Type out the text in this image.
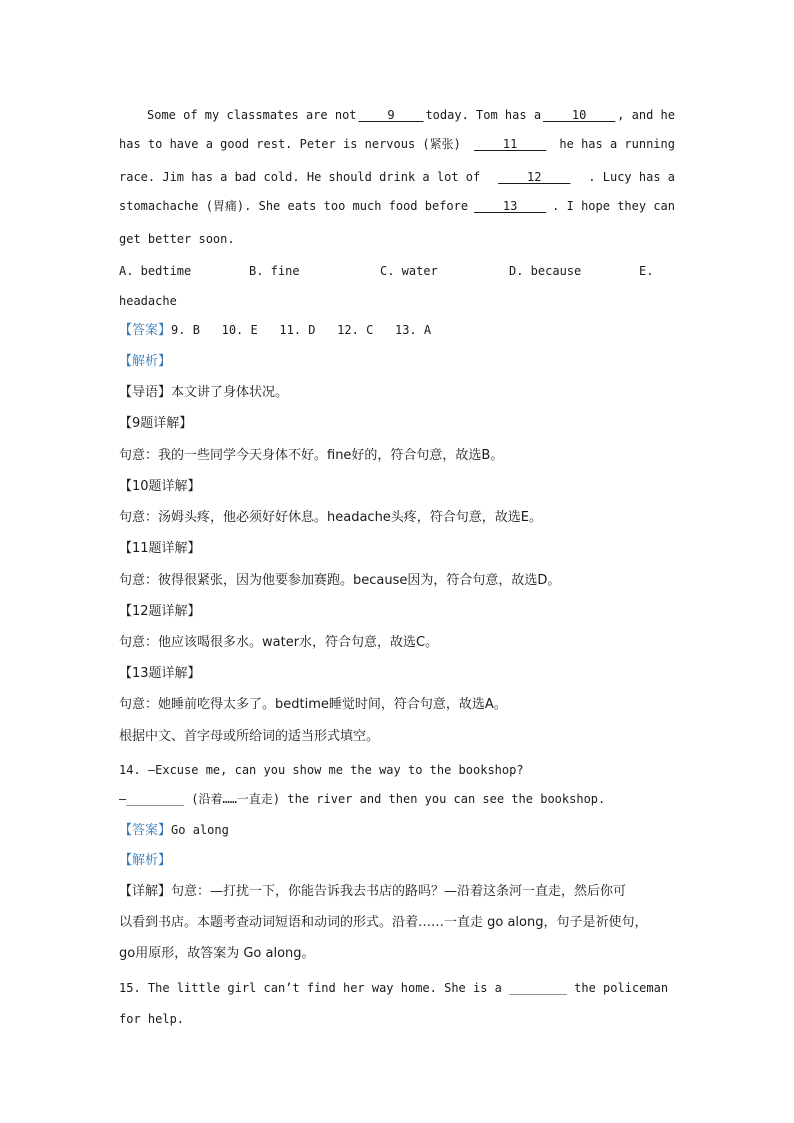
Some of my classmates are not ____9____ today. Tom has a ____10____ , and he
has to have a good rest. Peter is nervous (紧张) ____11____ he has a running
race. Jim has a bad cold. He should drink a lot of ____12____ . Lucy has a
stomachache (胃痛). She eats too much food before ____13____ . I hope they can
get better soon.
A. bedtime	B. fine	C. water	D. because	E.
headache
【答案】9. B   10. E   11. D   12. C   13. A
【解析】
【导语】本文讲了身体状况。
【9题详解】
句意：我的一些同学今天身体不好。fine好的，符合句意，故选B。
【10题详解】
句意：汤姆头疼，他必须好好休息。headache头疼，符合句意，故选E。
【11题详解】
句意：彼得很紧张，因为他要参加赛跑。because因为，符合句意，故选D。
【12题详解】
句意：他应该喝很多水。water水，符合句意，故选C。
【13题详解】
句意：她睡前吃得太多了。bedtime睡觉时间，符合句意，故选A。
根据中文、首字母或所给词的适当形式填空。
14. —Excuse me, can you show me the way to the bookshop?
—________ (沿着……一直走) the river and then you can see the bookshop.
【答案】Go along
【解析】
【详解】句意：—打扰一下，你能告诉我去书店的路吗？—沿着这条河一直走，然后你可
以看到书店。本题考查动词短语和动词的形式。沿着……一直走 go along，句子是祈使句，
go用原形，故答案为 Go along。
15. The little girl can’t find her way home. She is a ________ the policeman
for help.
